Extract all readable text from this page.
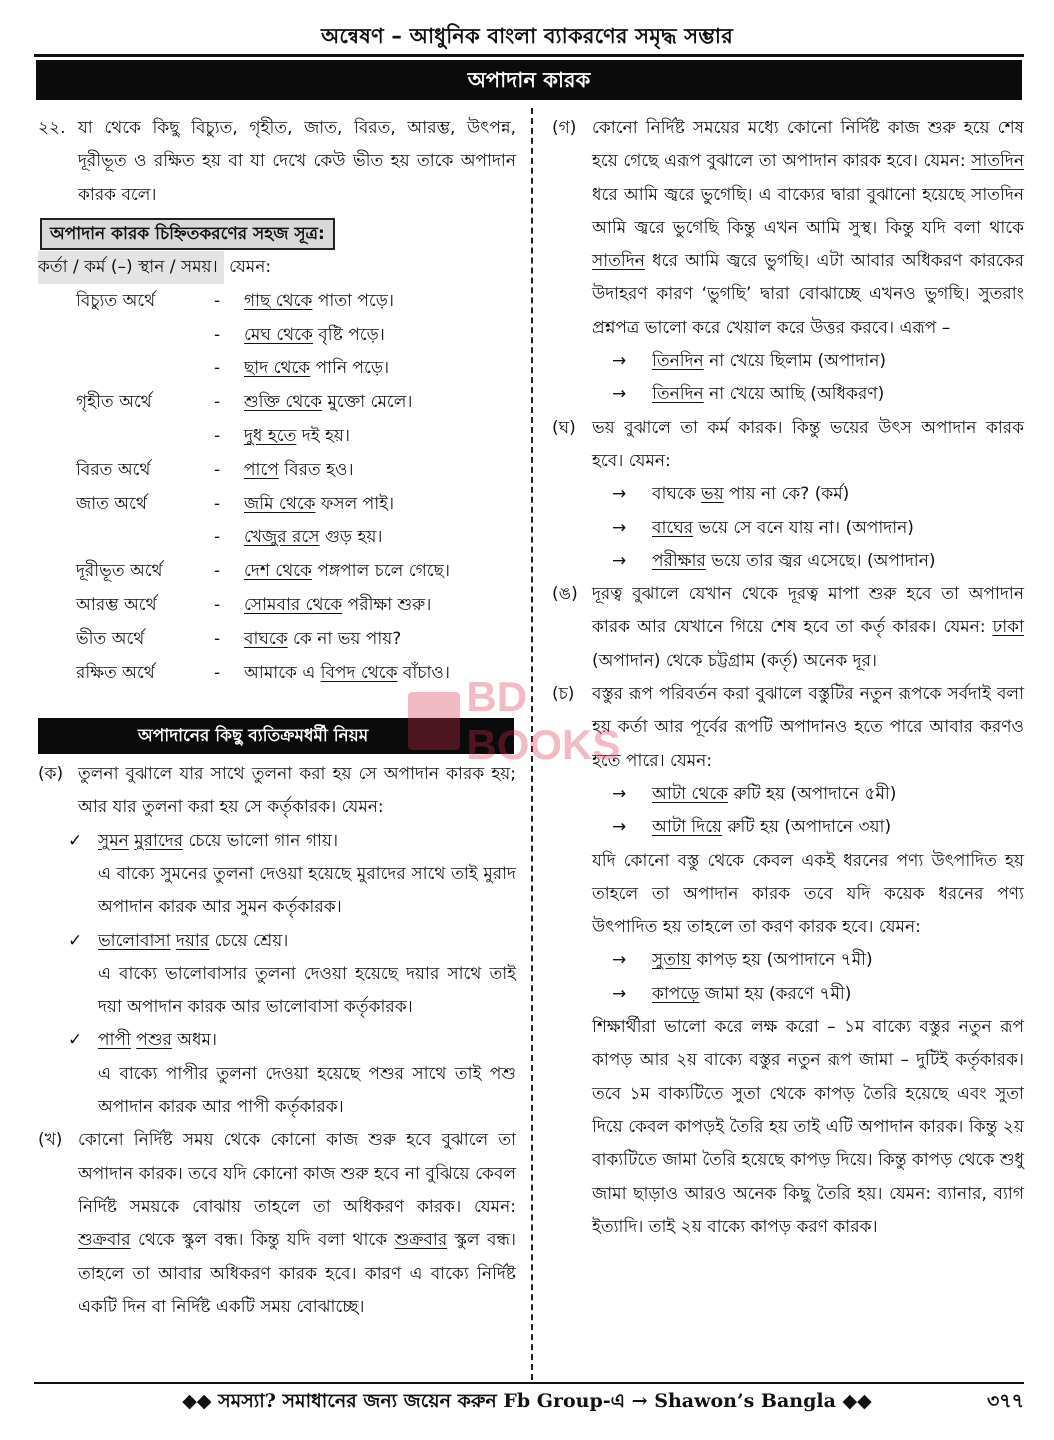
অন্বেষণ – আধুনিক বাংলা ব্যাকরণের সমৃদ্ধ সম্ভার
অপাদান কারক
২২. যা থেকে কিছু বিচ্যুত, গৃহীত, জাত, বিরত, আরম্ভ, উৎপন্ন, দূরীভূত ও রক্ষিত হয় বা যা দেখে কেউ ভীত হয় তাকে অপাদান কারক বলে।
অপাদান কারক চিহ্নিতকরণের সহজ সূত্র:
কর্তা / কর্ম (–) স্থান / সময়। যেমন:
বিচ্যুত অর্থে	-	গাছ থেকে পাতা পড়ে।
-	মেঘ থেকে বৃষ্টি পড়ে।
-	ছাদ থেকে পানি পড়ে।
গৃহীত অর্থে	-	শুক্তি থেকে মুক্তো মেলে।
-	দুধ হতে দই হয়।
বিরত অর্থে	-	পাপে বিরত হও।
জাত অর্থে	-	জমি থেকে ফসল পাই।
-	খেজুর রসে গুড় হয়।
দূরীভূত অর্থে	-	দেশ থেকে পঙ্গপাল চলে গেছে।
আরম্ভ অর্থে	-	সোমবার থেকে পরীক্ষা শুরু।
ভীত অর্থে	-	বাঘকে কে না ভয় পায়?
রক্ষিত অর্থে	-	আমাকে এ বিপদ থেকে বাঁচাও।
অপাদানের কিছু ব্যতিক্রমধর্মী নিয়ম
(ক) তুলনা বুঝালে যার সাথে তুলনা করা হয় সে অপাদান কারক হয়; আর যার তুলনা করা হয় সে কর্তৃকারক। যেমন:
✓ সুমন মুরাদের চেয়ে ভালো গান গায়।
এ বাক্যে সুমনের তুলনা দেওয়া হয়েছে মুরাদের সাথে তাই মুরাদ অপাদান কারক আর সুমন কর্তৃকারক।
✓ ভালোবাসা দয়ার চেয়ে শ্রেয়।
এ বাক্যে ভালোবাসার তুলনা দেওয়া হয়েছে দয়ার সাথে তাই দয়া অপাদান কারক আর ভালোবাসা কর্তৃকারক।
✓ পাপী পশুর অধম।
এ বাক্যে পাপীর তুলনা দেওয়া হয়েছে পশুর সাথে তাই পশু অপাদান কারক আর পাপী কর্তৃকারক।
(খ) কোনো নির্দিষ্ট সময় থেকে কোনো কাজ শুরু হবে বুঝালে তা অপাদান কারক। তবে যদি কোনো কাজ শুরু হবে না বুঝিয়ে কেবল নির্দিষ্ট সময়কে বোঝায় তাহলে তা অধিকরণ কারক। যেমন: শুক্রবার থেকে স্কুল বন্ধ। কিন্তু যদি বলা থাকে শুক্রবার স্কুল বন্ধ। তাহলে তা আবার অধিকরণ কারক হবে। কারণ এ বাক্যে নির্দিষ্ট একটি দিন বা নির্দিষ্ট একটি সময় বোঝাচ্ছে।
(গ) কোনো নির্দিষ্ট সময়ের মধ্যে কোনো নির্দিষ্ট কাজ শুরু হয়ে শেষ হয়ে গেছে এরূপ বুঝালে তা অপাদান কারক হবে। যেমন: সাতদিন ধরে আমি জ্বরে ভুগেছি। এ বাক্যের দ্বারা বুঝানো হয়েছে সাতদিন আমি জ্বরে ভুগেছি কিন্তু এখন আমি সুস্থ। কিন্তু যদি বলা থাকে সাতদিন ধরে আমি জ্বরে ভুগছি। এটা আবার অধিকরণ কারকের উদাহরণ কারণ ‘ভুগছি’ দ্বারা বোঝাচ্ছে এখনও ভুগছি। সুতরাং প্রশ্নপত্র ভালো করে খেয়াল করে উত্তর করবে। এরূপ –
→ তিনদিন না খেয়ে ছিলাম (অপাদান)
→ তিনদিন না খেয়ে আছি (অধিকরণ)
(ঘ) ভয় বুঝালে তা কর্ম কারক। কিন্তু ভয়ের উৎস অপাদান কারক হবে। যেমন:
→ বাঘকে ভয় পায় না কে? (কর্ম)
→ বাঘের ভয়ে সে বনে যায় না। (অপাদান)
→ পরীক্ষার ভয়ে তার জ্বর এসেছে। (অপাদান)
(ঙ) দূরত্ব বুঝালে যেখান থেকে দূরত্ব মাপা শুরু হবে তা অপাদান কারক আর যেখানে গিয়ে শেষ হবে তা কর্তৃ কারক। যেমন: ঢাকা (অপাদান) থেকে চট্টগ্রাম (কর্তৃ) অনেক দূর।
(চ) বস্তুর রূপ পরিবর্তন করা বুঝালে বস্তুটির নতুন রূপকে সর্বদাই বলা হয় কর্তা আর পূর্বের রূপটি অপাদানও হতে পারে আবার করণও হতে পারে। যেমন:
→ আটা থেকে রুটি হয় (অপাদানে ৫মী)
→ আটা দিয়ে রুটি হয় (অপাদানে ৩য়া)
যদি কোনো বস্তু থেকে কেবল একই ধরনের পণ্য উৎপাদিত হয় তাহলে তা অপাদান কারক তবে যদি কয়েক ধরনের পণ্য উৎপাদিত হয় তাহলে তা করণ কারক হবে। যেমন:
→ সুতায় কাপড় হয় (অপাদানে ৭মী)
→ কাপড়ে জামা হয় (করণে ৭মী)
শিক্ষার্থীরা ভালো করে লক্ষ করো – ১ম বাক্যে বস্তুর নতুন রূপ কাপড় আর ২য় বাক্যে বস্তুর নতুন রূপ জামা – দুটিই কর্তৃকারক। তবে ১ম বাক্যটিতে সুতা থেকে কাপড় তৈরি হয়েছে এবং সুতা দিয়ে কেবল কাপড়ই তৈরি হয় তাই এটি অপাদান কারক। কিন্তু ২য় বাক্যটিতে জামা তৈরি হয়েছে কাপড় দিয়ে। কিন্তু কাপড় থেকে শুধু জামা ছাড়াও আরও অনেক কিছু তৈরি হয়। যেমন: ব্যানার, ব্যাগ ইত্যাদি। তাই ২য় বাক্যে কাপড় করণ কারক।
BD BOOKS
◆◆ সমস্যা? সমাধানের জন্য জয়েন করুন Fb Group-এ → Shawon’s Bangla ◆◆	৩৭৭
